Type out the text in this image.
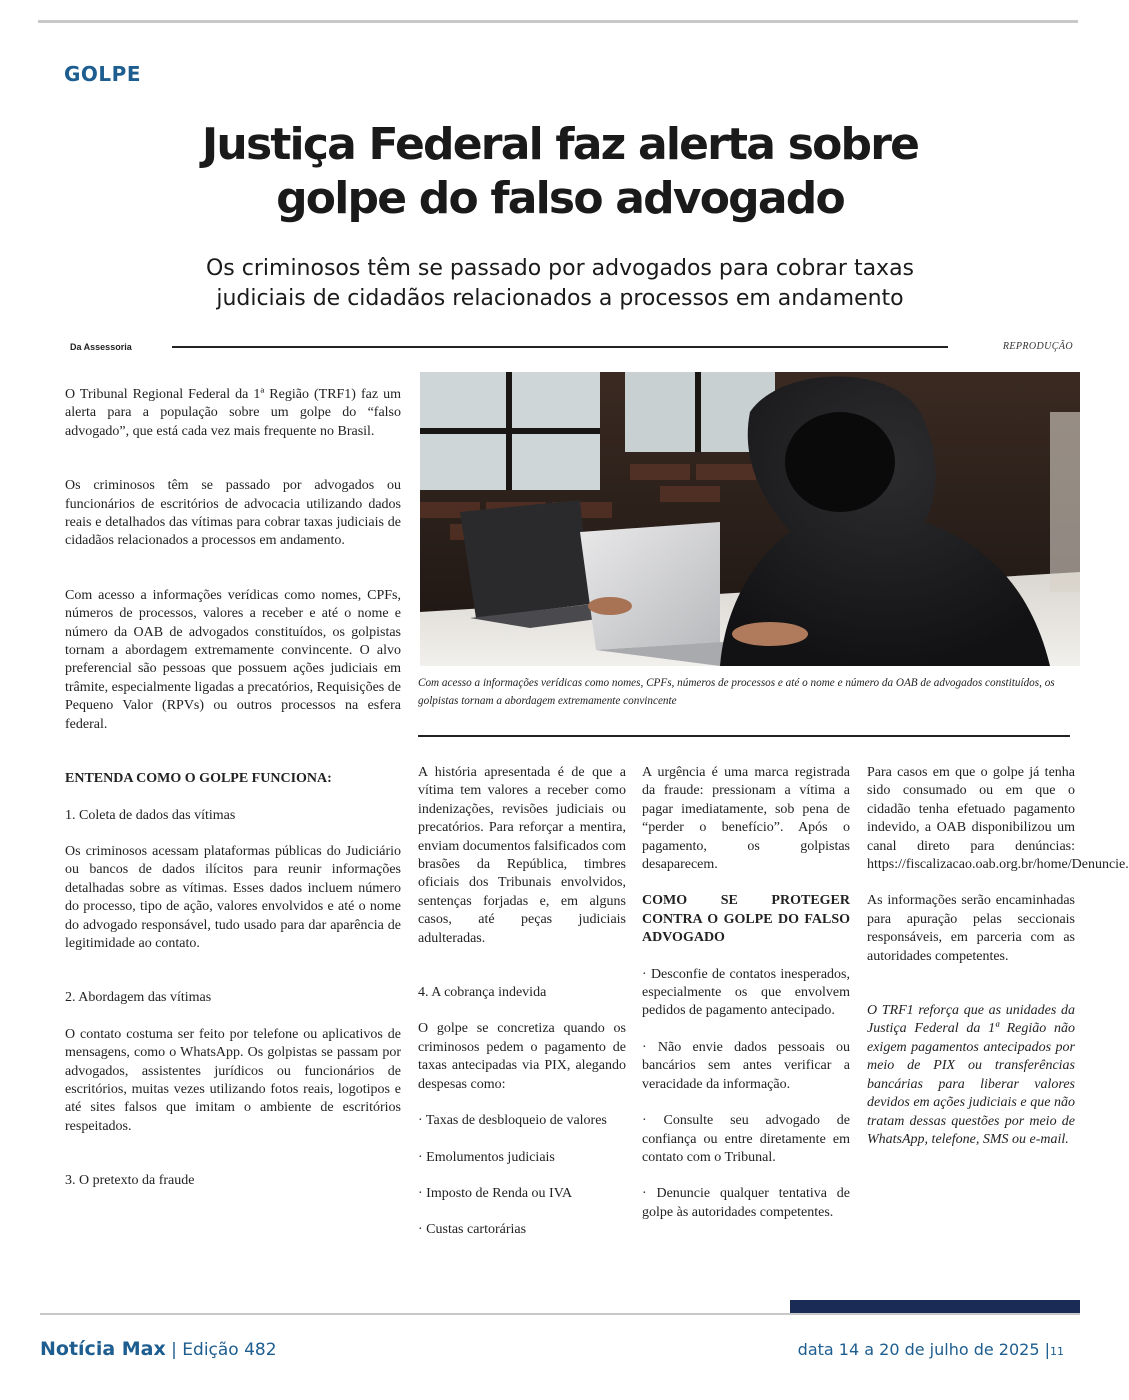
GOLPE
Justiça Federal faz alerta sobre
golpe do falso advogado
Os criminosos têm se passado por advogados para cobrar taxas
judiciais de cidadãos relacionados a processos em andamento
Da Assessoria	REPRODUÇÃO

O Tribunal Regional Federal da 1ª Região (TRF1) faz um alerta para a população sobre um golpe do “falso advogado”, que está cada vez mais frequente no Brasil.

Os criminosos têm se passado por advogados ou funcionários de escritórios de advocacia utilizando dados reais e detalhados das vítimas para cobrar taxas judiciais de cidadãos relacionados a processos em andamento.

Com acesso a informações verídicas como nomes, CPFs, números de processos, valores a receber e até o nome e número da OAB de advogados constituídos, os golpistas tornam a abordagem extremamente convincente. O alvo preferencial são pessoas que possuem ações judiciais em trâmite, especialmente ligadas a precatórios, Requisições de Pequeno Valor (RPVs) ou outros processos na esfera federal.

ENTENDA COMO O GOLPE FUNCIONA:

1. Coleta de dados das vítimas

Os criminosos acessam plataformas públicas do Judiciário ou bancos de dados ilícitos para reunir informações detalhadas sobre as vítimas. Esses dados incluem número do processo, tipo de ação, valores envolvidos e até o nome do advogado responsável, tudo usado para dar aparência de legitimidade ao contato.

2. Abordagem das vítimas

O contato costuma ser feito por telefone ou aplicativos de mensagens, como o WhatsApp. Os golpistas se passam por advogados, assistentes jurídicos ou funcionários de escritórios, muitas vezes utilizando fotos reais, logotipos e até sites falsos que imitam o ambiente de escritórios respeitados.

3. O pretexto da fraude

Com acesso a informações verídicas como nomes, CPFs, números de processos e até o nome e número da OAB de advogados constituídos, os golpistas tornam a abordagem extremamente convincente

A história apresentada é de que a vítima tem valores a receber como indenizações, revisões judiciais ou precatórios. Para reforçar a mentira, enviam documentos falsificados com brasões da República, timbres oficiais dos Tribunais envolvidos, sentenças forjadas e, em alguns casos, até peças judiciais adulteradas.

4. A cobrança indevida

O golpe se concretiza quando os criminosos pedem o pagamento de taxas antecipadas via PIX, alegando despesas como:

· Taxas de desbloqueio de valores

· Emolumentos judiciais

· Imposto de Renda ou IVA

· Custas cartorárias

A urgência é uma marca registrada da fraude: pressionam a vítima a pagar imediatamente, sob pena de “perder o benefício”. Após o pagamento, os golpistas desaparecem.

COMO SE PROTEGER CONTRA O GOLPE DO FALSO ADVOGADO

· Desconfie de contatos inesperados, especialmente os que envolvem pedidos de pagamento antecipado.

· Não envie dados pessoais ou bancários sem antes verificar a veracidade da informação.

· Consulte seu advogado de confiança ou entre diretamente em contato com o Tribunal.

· Denuncie qualquer tentativa de golpe às autoridades competentes.

Para casos em que o golpe já tenha sido consumado ou em que o cidadão tenha efetuado pagamento indevido, a OAB disponibilizou um canal direto para denúncias: https://fiscalizacao.oab.org.br/home/Denuncie.

As informações serão encaminhadas para apuração pelas seccionais responsáveis, em parceria com as autoridades competentes.

O TRF1 reforça que as unidades da Justiça Federal da 1ª Região não exigem pagamentos antecipados por meio de PIX ou transferências bancárias para liberar valores devidos em ações judiciais e que não tratam dessas questões por meio de WhatsApp, telefone, SMS ou e-mail.

Notícia Max | Edição 482	data 14 a 20 de julho de 2025 |11
